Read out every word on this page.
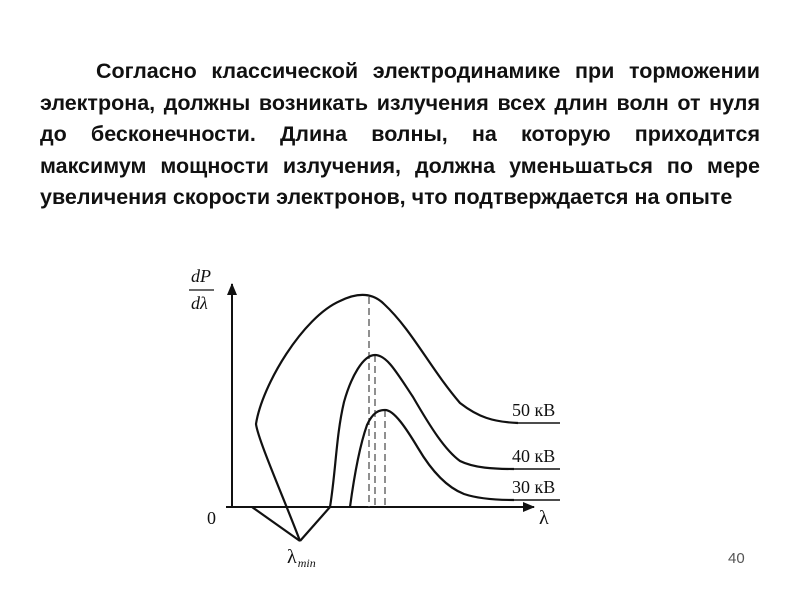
Согласно классической электродинамике при торможении электрона, должны возникать излучения всех длин волн от нуля до бесконечности. Длина волны, на которую приходится максимум мощности излучения, должна уменьшаться по мере увеличения скорости электронов, что подтверждается на опыте

dP
dλ
0	λ
50 кВ
40 кВ
30 кВ
$\lambda_{min}$	40
